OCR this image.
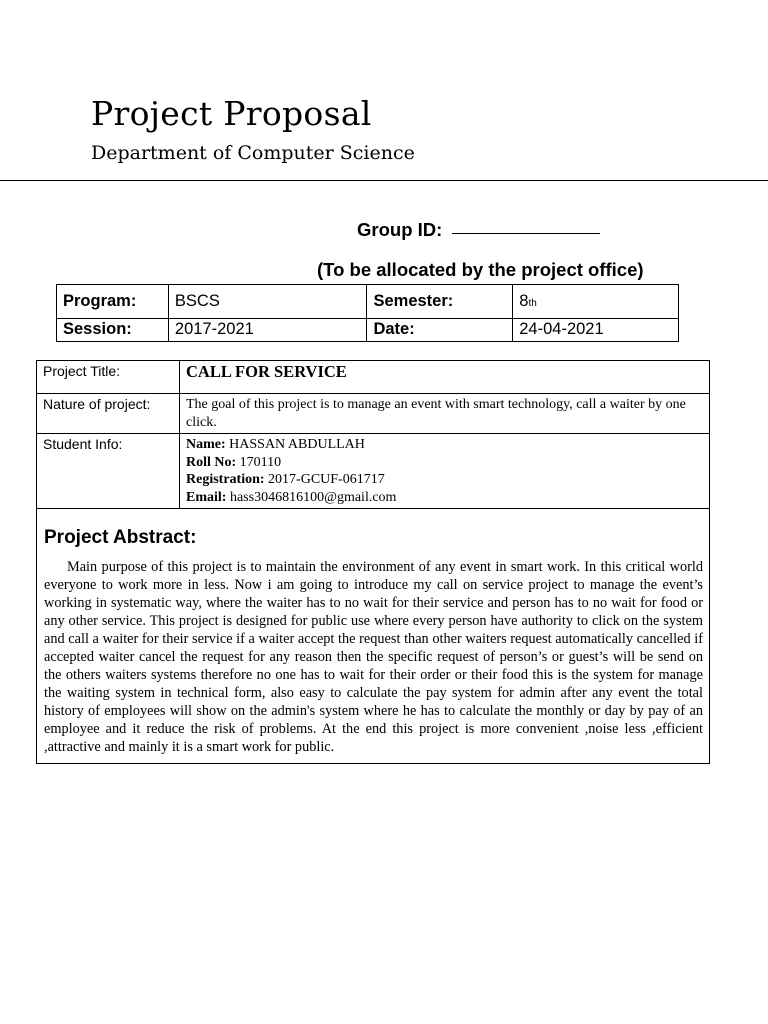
Project Proposal
Department of Computer Science
Group ID:
(To be allocated by the project office)
Program:	BSCS	Semester:	8th
Session:	2017-2021	Date:	24-04-2021
Project Title:	CALL FOR SERVICE
Nature of project:	The goal of this project is to manage an event with smart technology, call a waiter by one click.
Student Info:	Name: HASSAN ABDULLAH
Roll No: 170110
Registration: 2017-GCUF-061717
Email: hass3046816100@gmail.com
Project Abstract:
Main purpose of this project is to maintain the environment of any event in smart work. In this critical world everyone to work more in less. Now i am going to introduce my call on service project to manage the event’s working in systematic way, where the waiter has to no wait for their service and person has to no wait for food or any other service. This project is designed for public use where every person have authority to click on the system and call a waiter for their service if a waiter accept the request than other waiters request automatically cancelled if accepted waiter cancel the request for any reason then the specific request of person’s or guest’s will be send on the others waiters systems therefore no one has to wait for their order or their food this is the system for manage the waiting system in technical form, also easy to calculate the pay system for admin after any event the total history of employees will show on the admin's system where he has to calculate the monthly or day by pay of an employee and it reduce the risk of problems. At the end this project is more convenient ,noise less ,efficient ,attractive and mainly it is a smart work for public.
